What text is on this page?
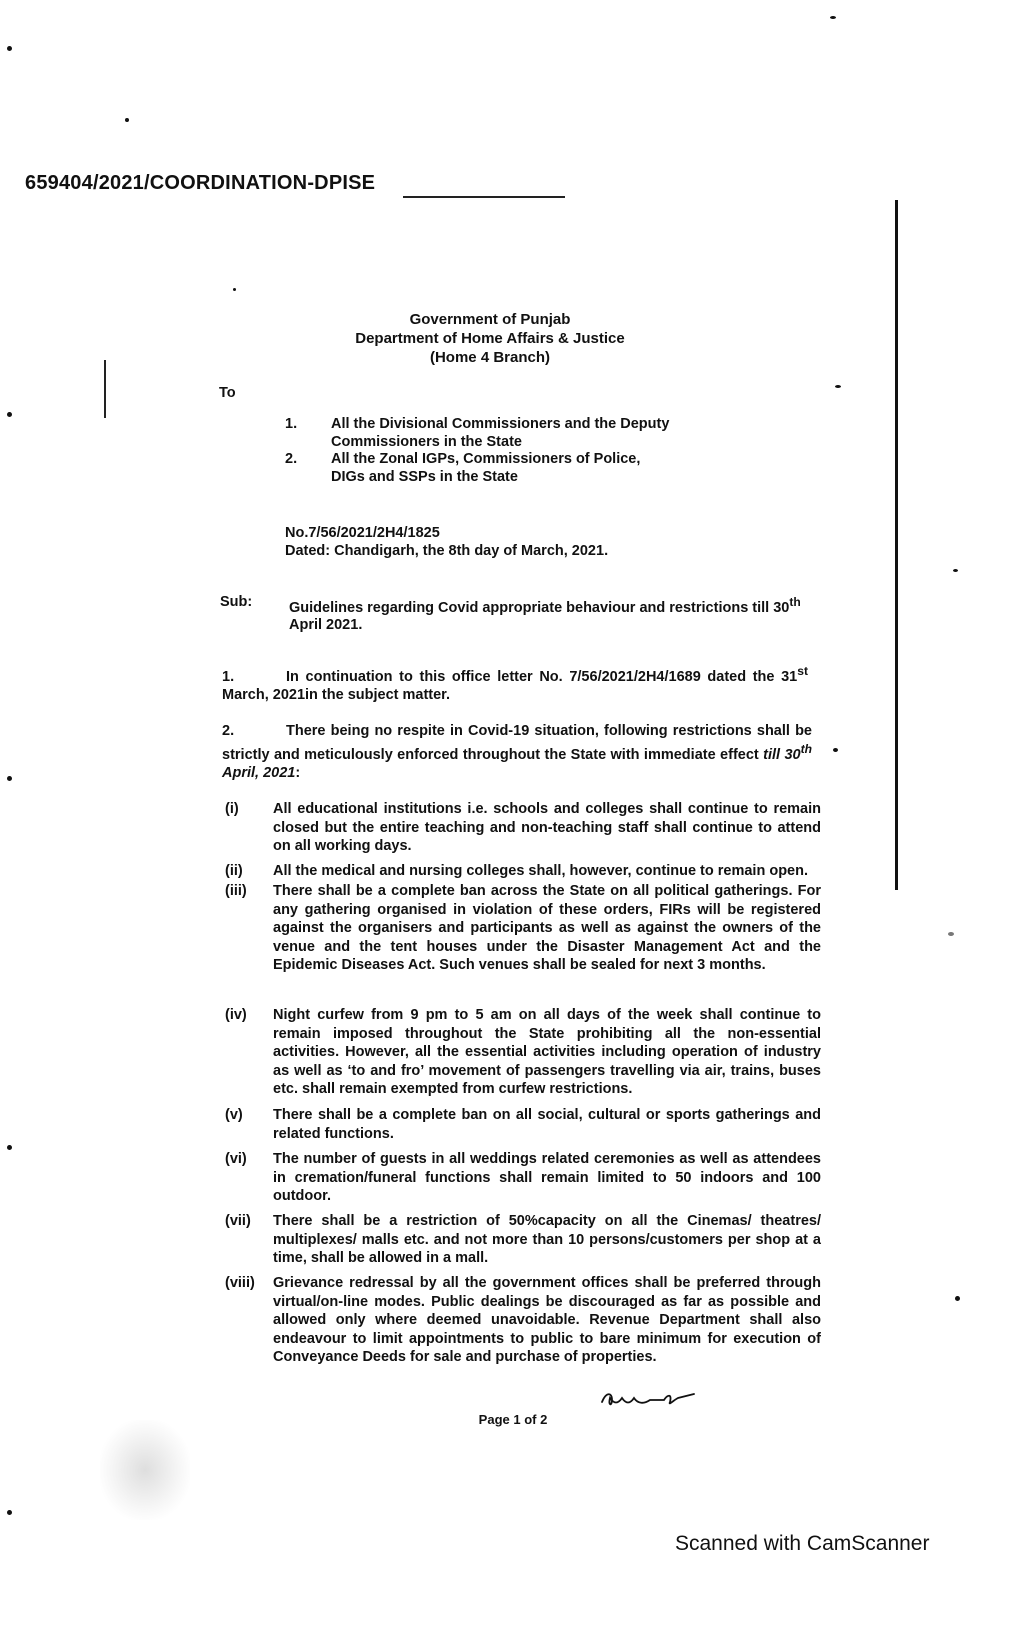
659404/2021/COORDINATION-DPISE
Government of Punjab
Department of Home Affairs & Justice
(Home 4 Branch)
To
1. All the Divisional Commissioners and the Deputy Commissioners in the State
2. All the Zonal IGPs, Commissioners of Police, DIGs and SSPs in the State
No.7/56/2021/2H4/1825
Dated: Chandigarh, the 8th day of March, 2021.
Sub:	Guidelines regarding Covid appropriate behaviour and restrictions till 30th April 2021.
1.	In continuation to this office letter No. 7/56/2021/2H4/1689 dated the 31st March, 2021in the subject matter.
2.	There being no respite in Covid-19 situation, following restrictions shall be strictly and meticulously enforced throughout the State with immediate effect till 30th April, 2021:
(i) All educational institutions i.e. schools and colleges shall continue to remain closed but the entire teaching and non-teaching staff shall continue to attend on all working days.
(ii) All the medical and nursing colleges shall, however, continue to remain open.
(iii) There shall be a complete ban across the State on all political gatherings. For any gathering organised in violation of these orders, FIRs will be registered against the organisers and participants as well as against the owners of the venue and the tent houses under the Disaster Management Act and the Epidemic Diseases Act. Such venues shall be sealed for next 3 months.
(iv) Night curfew from 9 pm to 5 am on all days of the week shall continue to remain imposed throughout the State prohibiting all the non-essential activities. However, all the essential activities including operation of industry as well as ‘to and fro’ movement of passengers travelling via air, trains, buses etc. shall remain exempted from curfew restrictions.
(v) There shall be a complete ban on all social, cultural or sports gatherings and related functions.
(vi) The number of guests in all weddings related ceremonies as well as attendees in cremation/funeral functions shall remain limited to 50 indoors and 100 outdoor.
(vii) There shall be a restriction of 50%capacity on all the Cinemas/ theatres/ multiplexes/ malls etc. and not more than 10 persons/customers per shop at a time, shall be allowed in a mall.
(viii) Grievance redressal by all the government offices shall be preferred through virtual/on-line modes. Public dealings be discouraged as far as possible and allowed only where deemed unavoidable. Revenue Department shall also endeavour to limit appointments to public to bare minimum for execution of Conveyance Deeds for sale and purchase of properties.
Page 1 of 2
Scanned with CamScanner
